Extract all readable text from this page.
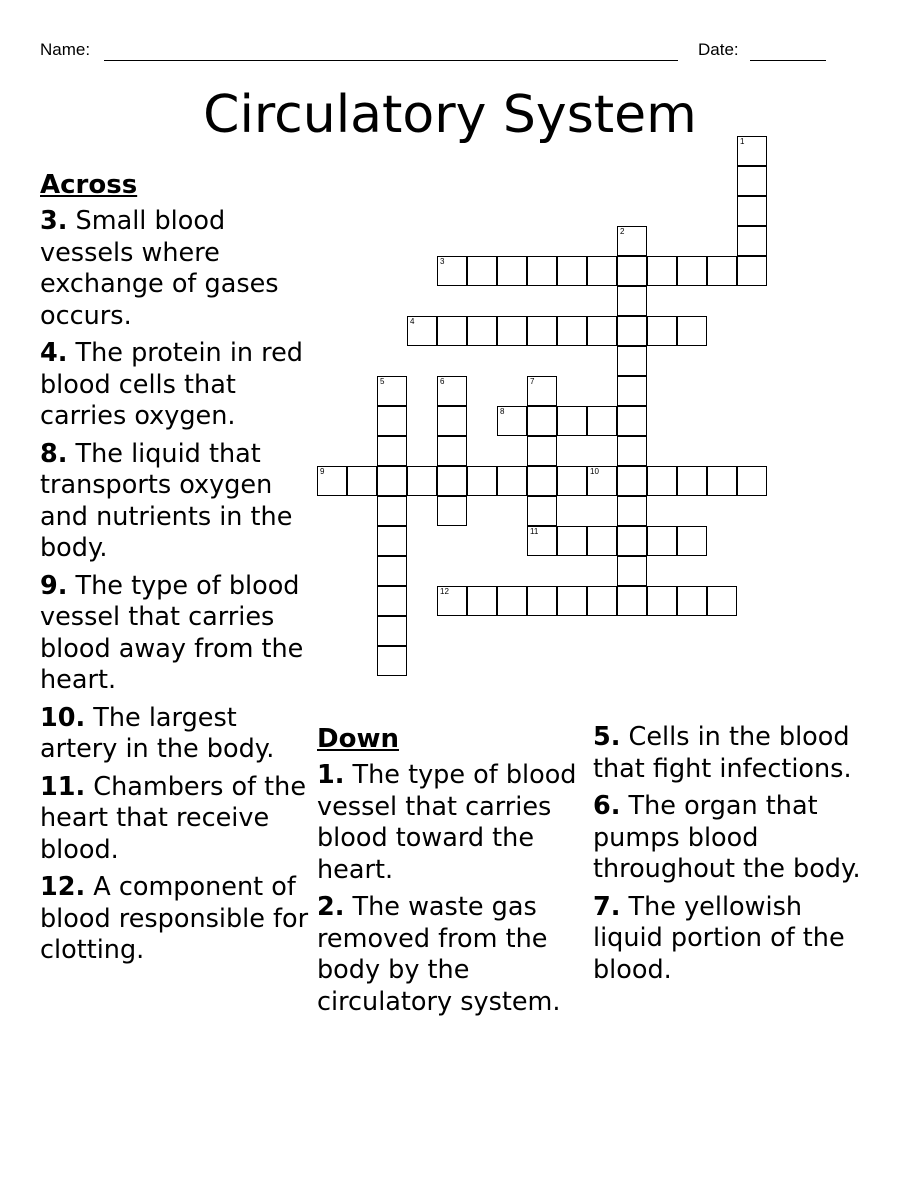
Name:	Date:
Circulatory System	1
2
3
4
5	6	7
11
8
9	10
12
Across
3. Small blood vessels where exchange of gases occurs.
4. The protein in red blood cells that carries oxygen.
8. The liquid that transports oxygen and nutrients in the body.
9. The type of blood vessel that carries blood away from the heart.
10. The largest artery in the body.
11. Chambers of the heart that receive blood.
12. A component of blood responsible for clotting.
Down
1. The type of blood vessel that carries blood toward the heart.
2. The waste gas removed from the body by the circulatory system.
5. Cells in the blood that fight infections.
6. The organ that pumps blood throughout the body.
7. The yellowish liquid portion of the blood.
